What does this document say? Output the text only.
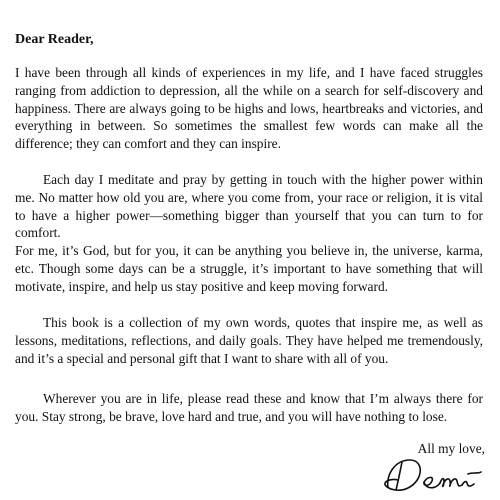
Dear Reader,
I have been through all kinds of experiences in my life, and I have faced struggles ranging from addiction to depression, all the while on a search for self-discovery and happiness. There are always going to be highs and lows, heartbreaks and victories, and everything in between. So sometimes the smallest few words can make all the difference; they can comfort and they can inspire.
Each day I meditate and pray by getting in touch with the higher power within me. No matter how old you are, where you come from, your race or religion, it is vital to have a higher power—something bigger than yourself that you can turn to for comfort.
For me, it’s God, but for you, it can be anything you believe in, the universe, karma, etc. Though some days can be a struggle, it’s important to have something that will motivate, inspire, and help us stay positive and keep moving forward.
This book is a collection of my own words, quotes that inspire me, as well as lessons, meditations, reflections, and daily goals. They have helped me tremendously, and it’s a special and personal gift that I want to share with all of you.
Wherever you are in life, please read these and know that I’m always there for you. Stay strong, be brave, love hard and true, and you will have nothing to lose.
All my love,
